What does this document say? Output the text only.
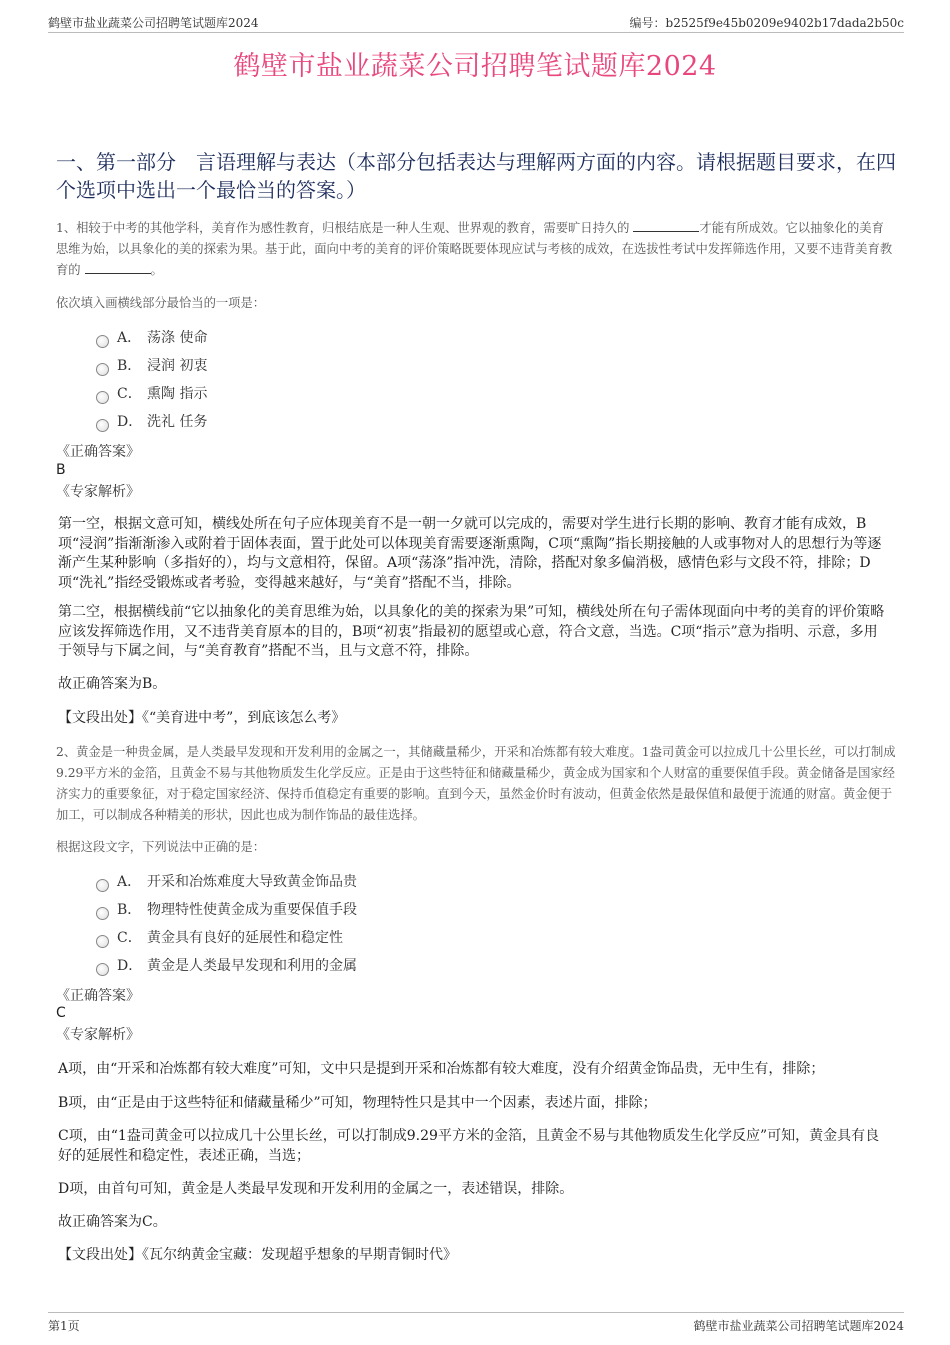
鹤壁市盐业蔬菜公司招聘笔试题库2024	编号：b2525f9e45b0209e9402b17dada2b50c
鹤壁市盐业蔬菜公司招聘笔试题库2024
一、第一部分　言语理解与表达（本部分包括表达与理解两方面的内容。请根据题目要求，在四个选项中选出一个最恰当的答案。）
1、相较于中考的其他学科，美育作为感性教育，归根结底是一种人生观、世界观的教育，需要旷日持久的	才能有所成效。它以抽象化的美育思维为始，以具象化的美的探索为果。基于此，面向中考的美育的评价策略既要体现应试与考核的成效，在选拔性考试中发挥筛选作用，又要不违背美育教育的	。
依次填入画横线部分最恰当的一项是：
A． 荡涤 使命
B． 浸润 初衷
C． 熏陶 指示
D． 洗礼 任务
《正确答案》
B
《专家解析》
第一空，根据文意可知，横线处所在句子应体现美育不是一朝一夕就可以完成的，需要对学生进行长期的影响、教育才能有成效，B项“浸润”指渐渐渗入或附着于固体表面，置于此处可以体现美育需要逐渐熏陶，C项“熏陶”指长期接触的人或事物对人的思想行为等逐渐产生某种影响（多指好的），均与文意相符，保留。A项“荡涤”指冲洗，清除，搭配对象多偏消极，感情色彩与文段不符，排除；D项“洗礼”指经受锻炼或者考验，变得越来越好，与“美育”搭配不当，排除。
第二空，根据横线前“它以抽象化的美育思维为始，以具象化的美的探索为果”可知，横线处所在句子需体现面向中考的美育的评价策略应该发挥筛选作用，又不违背美育原本的目的，B项“初衷”指最初的愿望或心意，符合文意，当选。C项“指示”意为指明、示意，多用于领导与下属之间，与“美育教育”搭配不当，且与文意不符，排除。
故正确答案为B。
【文段出处】《“美育进中考”，到底该怎么考》
2、黄金是一种贵金属，是人类最早发现和开发利用的金属之一，其储藏量稀少，开采和冶炼都有较大难度。1盎司黄金可以拉成几十公里长丝，可以打制成9.29平方米的金箔，且黄金不易与其他物质发生化学反应。正是由于这些特征和储藏量稀少，黄金成为国家和个人财富的重要保值手段。黄金储备是国家经济实力的重要象征，对于稳定国家经济、保持币值稳定有重要的影响。直到今天，虽然金价时有波动，但黄金依然是最保值和最便于流通的财富。黄金便于加工，可以制成各种精美的形状，因此也成为制作饰品的最佳选择。
根据这段文字，下列说法中正确的是：
A． 开采和冶炼难度大导致黄金饰品贵
B． 物理特性使黄金成为重要保值手段
C． 黄金具有良好的延展性和稳定性
D． 黄金是人类最早发现和利用的金属
《正确答案》
C
《专家解析》
A项，由“开采和冶炼都有较大难度”可知，文中只是提到开采和冶炼都有较大难度，没有介绍黄金饰品贵，无中生有，排除；
B项，由“正是由于这些特征和储藏量稀少”可知，物理特性只是其中一个因素，表述片面，排除；
C项，由“1盎司黄金可以拉成几十公里长丝，可以打制成9.29平方米的金箔，且黄金不易与其他物质发生化学反应”可知，黄金具有良好的延展性和稳定性，表述正确，当选；
D项，由首句可知，黄金是人类最早发现和开发利用的金属之一，表述错误，排除。
故正确答案为C。
【文段出处】《瓦尔纳黄金宝藏：发现超乎想象的早期青铜时代》
第1页	鹤壁市盐业蔬菜公司招聘笔试题库2024
